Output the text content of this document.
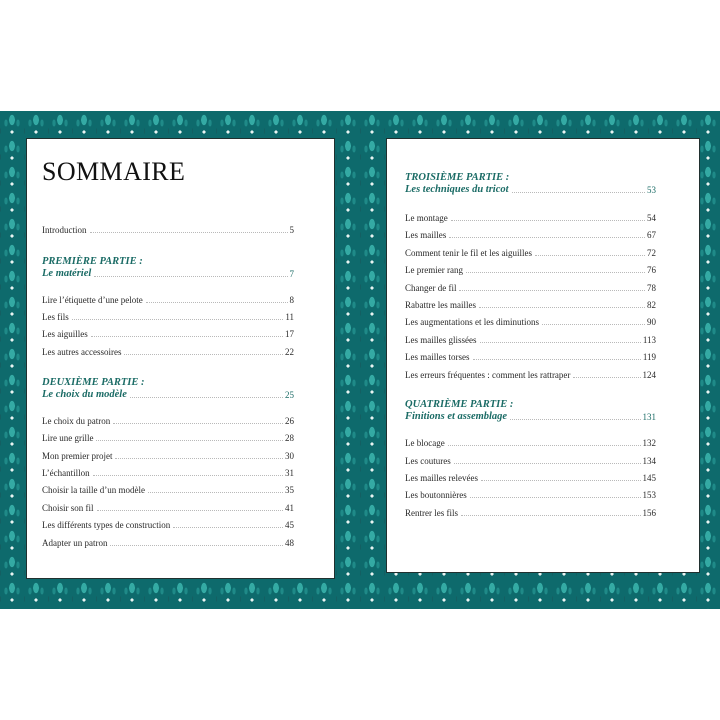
SOMMAIRE
Introduction	5
PREMIÈRE PARTIE :
Le matériel	7
Lire l’étiquette d’une pelote	8
Les fils	11
Les aiguilles	17
Les autres accessoires	22
DEUXIÈME PARTIE :
Le choix du modèle	25
Le choix du patron	26
Lire une grille	28
Mon premier projet	30
L’échantillon	31
Choisir la taille d’un modèle	35
Choisir son fil	41
Les différents types de construction	45
Adapter un patron	48
TROISIÈME PARTIE :
Les techniques du tricot	53
Le montage	54
Les mailles	67
Comment tenir le fil et les aiguilles	72
Le premier rang	76
Changer de fil	78
Rabattre les mailles	82
Les augmentations et les diminutions	90
Les mailles glissées	113
Les mailles torses	119
Les erreurs fréquentes : comment les rattraper	124
QUATRIÈME PARTIE :
Finitions et assemblage	131
Le blocage	132
Les coutures	134
Les mailles relevées	145
Les boutonnières	153
Rentrer les fils	156
